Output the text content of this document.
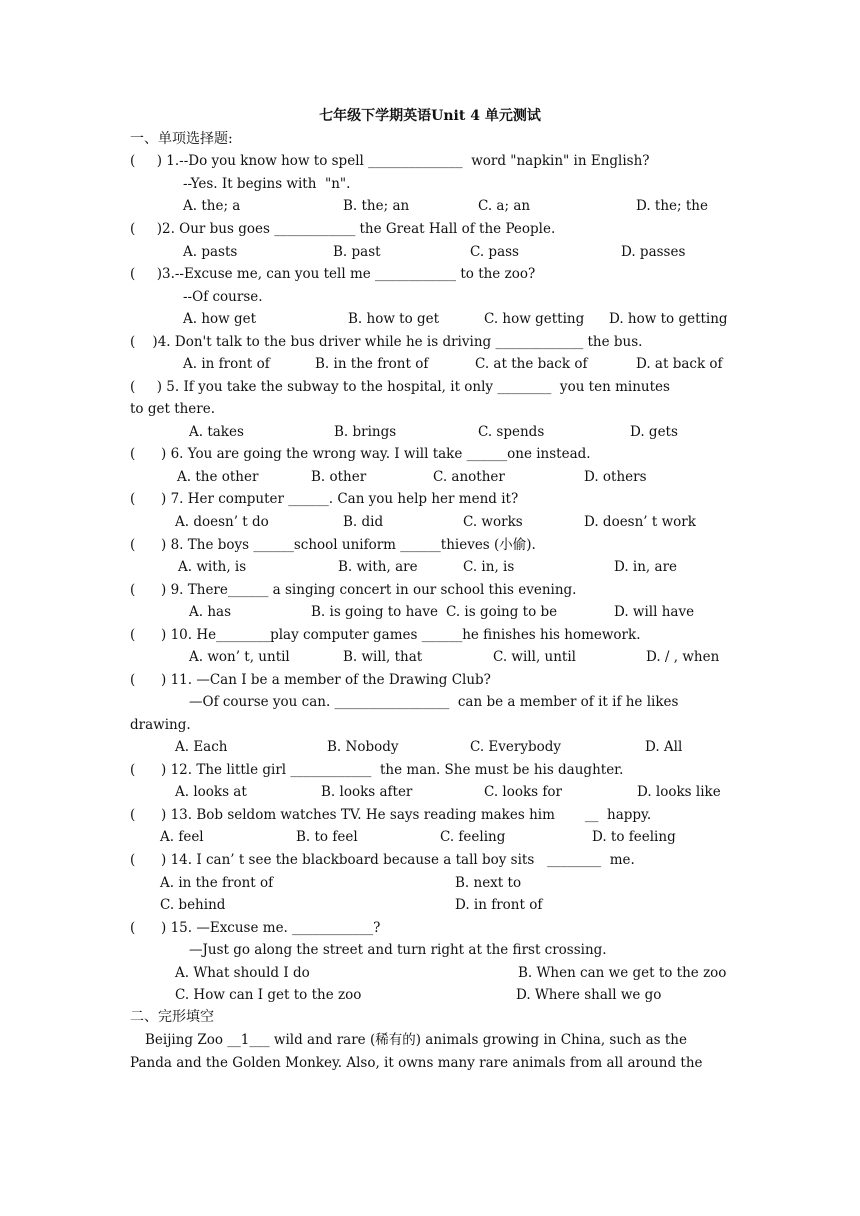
七年级下学期英语Unit 4 单元测试
一、单项选择题:
(     ) 1.--Do you know how to spell ______________  word "napkin" in English?
--Yes. It begins with  "n".
A. the; a	B. the; an	C. a; an	D. the; the
(     )2. Our bus goes ____________ the Great Hall of the People.
A. pasts	B. past	C. pass	D. passes
(     )3.--Excuse me, can you tell me ____________ to the zoo?
--Of course.
A. how get	B. how to get	C. how getting D. how to getting
(    )4. Don't talk to the bus driver while he is driving _____________ the bus.
A. in front of	B. in the front of	C. at the back of	D. at back of
(     ) 5. If you take the subway to the hospital, it only ________  you ten minutes
to get there.
A. takes	B. brings	C. spends	D. gets
(      ) 6. You are going the wrong way. I will take ______one instead.
A. the other	B. other	C. another	D. others
(      ) 7. Her computer ______. Can you help her mend it?
A. doesn’ t do	B. did	C. works	D. doesn’ t work
(      ) 8. The boys ______school uniform ______thieves (小偷).
A. with, is	B. with, are	C. in, is	D. in, are
(      ) 9. There______ a singing concert in our school this evening.
A. has	B. is going to have C. is going to be	D. will have
(      ) 10. He________play computer games ______he finishes his homework.
A. won’ t, until	B. will, that	C. will, until	D. / , when
(      ) 11. —Can I be a member of the Drawing Club?
—Of course you can. _________________  can be a member of it if he likes
drawing.
A. Each	B. Nobody	C. Everybody	D. All
(      ) 12. The little girl ____________  the man. She must be his daughter.
A. looks at	B. looks after	C. looks for	D. looks like
(      ) 13. Bob seldom watches TV. He says reading makes him       __  happy.
A. feel	B. to feel	C. feeling	D. to feeling
(      ) 14. I can’ t see the blackboard because a tall boy sits   ________  me.
A. in the front of	B. next to
C. behind	D. in front of
(      ) 15. —Excuse me. ____________?
—Just go along the street and turn right at the first crossing.
A. What should I do	B. When can we get to the zoo
C. How can I get to the zoo	D. Where shall we go
Beijing Zoo __1___ wild and rare (稀有的) animals growing in China, such as the
Panda and the Golden Monkey. Also, it owns many rare animals from all around the
二、完形填空
